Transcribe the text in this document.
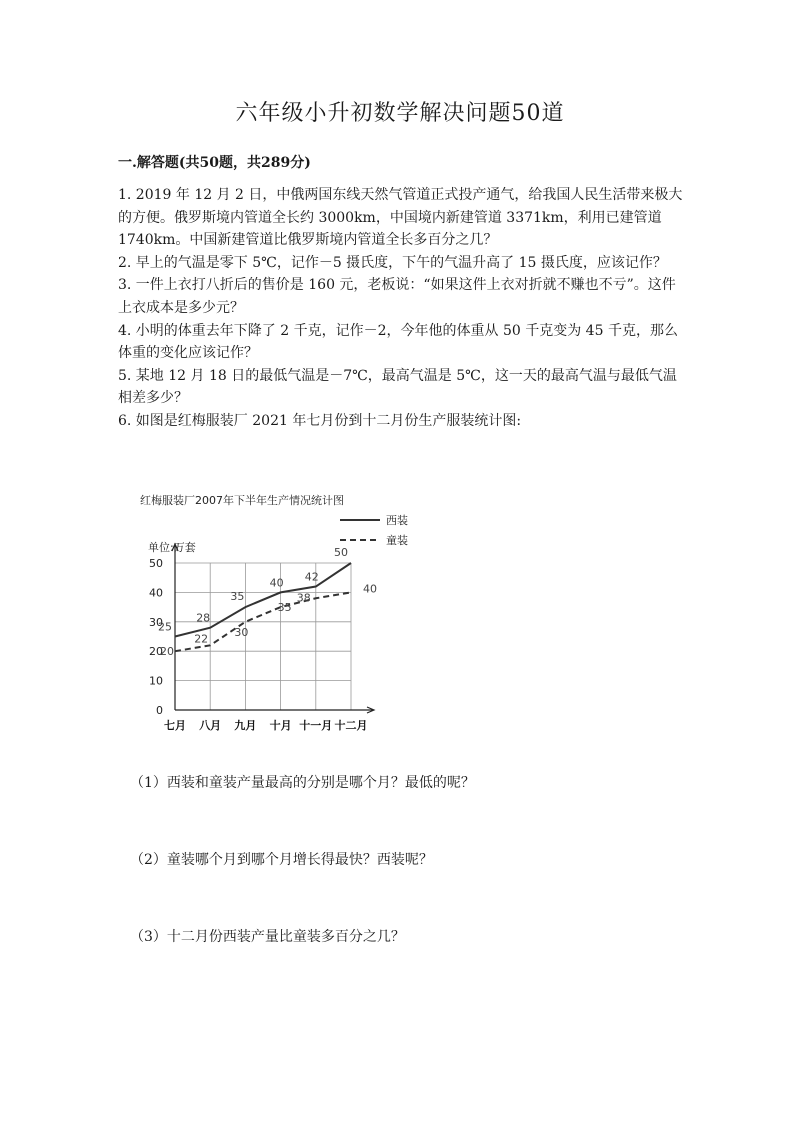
六年级小升初数学解决问题50道
一.解答题(共50题，共289分)

1. 2019 年 12 月 2 日，中俄两国东线天然气管道正式投产通气，给我国人民生活带来极大的方便。俄罗斯境内管道全长约 3000km，中国境内新建管道 3371km，利用已建管道 1740km。中国新建管道比俄罗斯境内管道全长多百分之几？

2. 早上的气温是零下 5℃，记作－5 摄氏度，下午的气温升高了 15 摄氏度，应该记作？

3. 一件上衣打八折后的售价是 160 元，老板说：“如果这件上衣对折就不赚也不亏”。这件上衣成本是多少元？

4. 小明的体重去年下降了 2 千克，记作－2，今年他的体重从 50 千克变为 45 千克，那么体重的变化应该记作？

5. 某地 12 月 18 日的最低气温是－7℃，最高气温是 5℃，这一天的最高气温与最低气温相差多少？

6. 如图是红梅服装厂 2021 年七月份到十二月份生产服装统计图:

红梅服装厂2007年下半年生产情况统计图
单位:万套
西装
童装
0
10
20
30
40
50
七月 八月 九月 十月 十一月 十二月
25
28
35
40 42
50
20
22
30
35
38
40
（1）西装和童装产量最高的分别是哪个月？最低的呢？
（2）童装哪个月到哪个月增长得最快？西装呢？
（3）十二月份西装产量比童装多百分之几？
